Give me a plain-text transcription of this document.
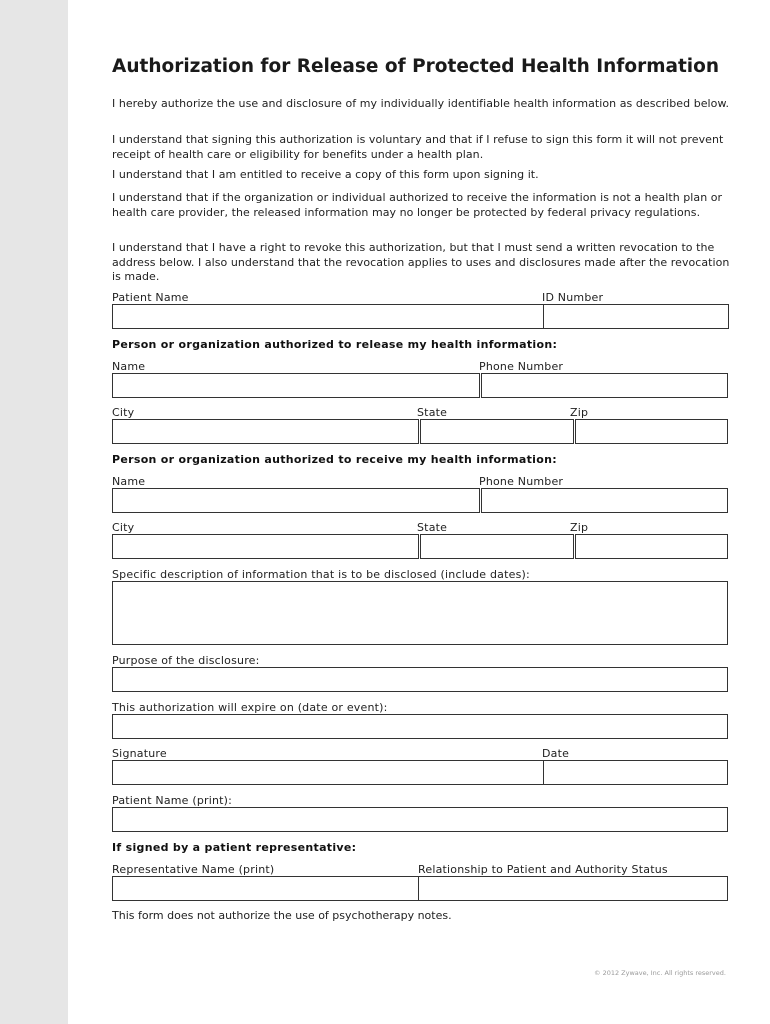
Authorization for Release of Protected Health Information
I hereby authorize the use and disclosure of my individually identifiable health information as described below.
I understand that signing this authorization is voluntary and that if I refuse to sign this form it will not prevent receipt of health care or eligibility for benefits under a health plan.
I understand that I am entitled to receive a copy of this form upon signing it.
I understand that if the organization or individual authorized to receive the information is not a health plan or health care provider, the released information may no longer be protected by federal privacy regulations.
I understand that I have a right to revoke this authorization, but that I must send a written revocation to the address below. I also understand that the revocation applies to uses and disclosures made after the revocation is made.
Patient Name	ID Number
Person or organization authorized to release my health information:
Name	Phone Number
City	State	Zip
Person or organization authorized to receive my health information:
Name	Phone Number
City	State	Zip
Specific description of information that is to be disclosed (include dates):
Purpose of the disclosure:
This authorization will expire on (date or event):
Signature	Date
Patient Name (print):
If signed by a patient representative:
Representative Name (print)	Relationship to Patient and Authority Status
This form does not authorize the use of psychotherapy notes.
© 2012 Zywave, Inc. All rights reserved.
